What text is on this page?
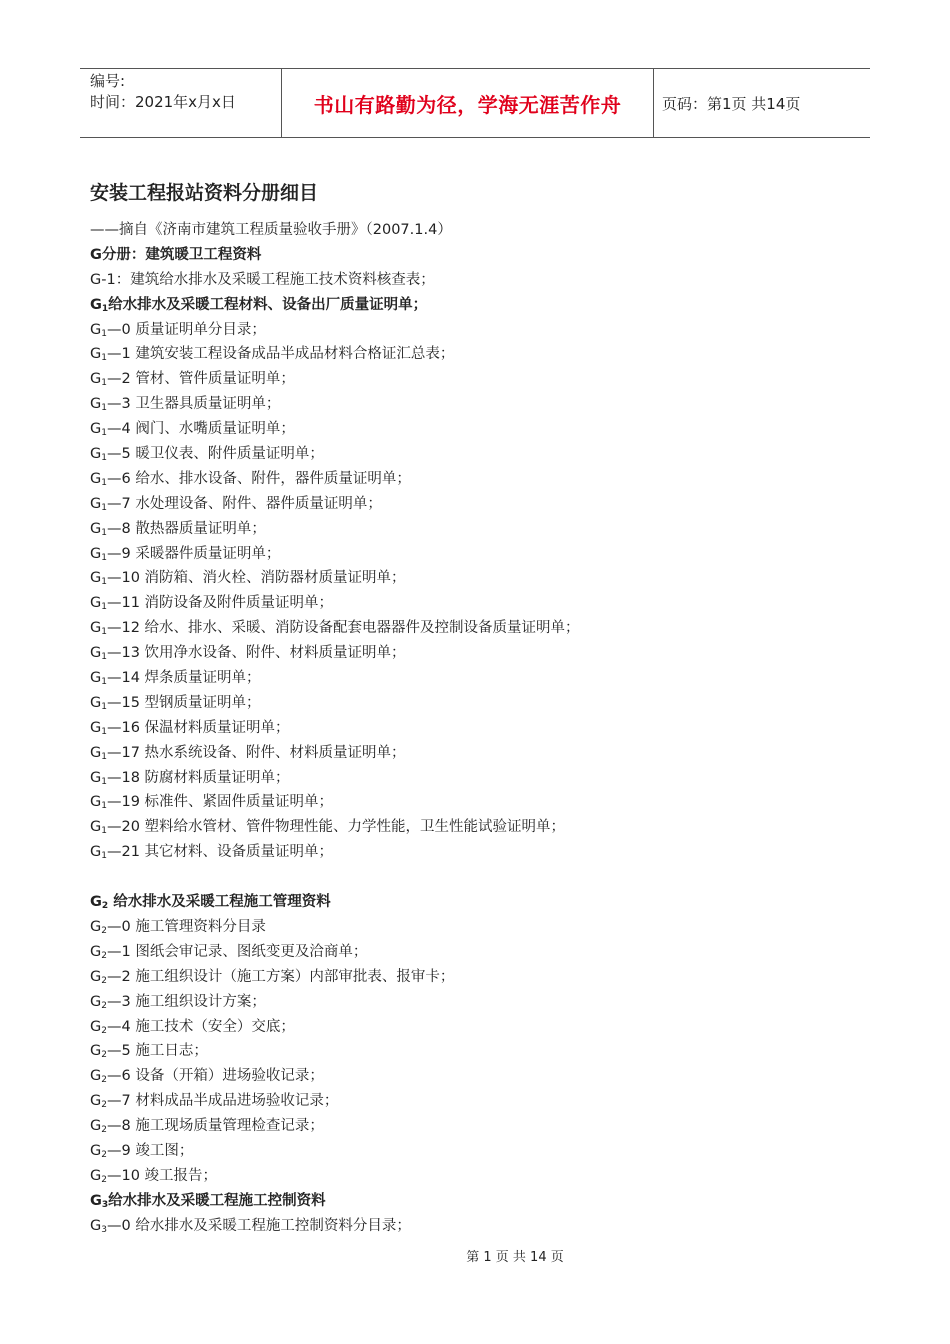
编号:
时间：2021年x月x日	书山有路勤为径，学海无涯苦作舟	页码：第1页 共14页
安装工程报站资料分册细目
——摘自《济南市建筑工程质量验收手册》（2007.1.4）
G分册：建筑暖卫工程资料
G-1：建筑给水排水及采暖工程施工技术资料核查表；
$G_1$给水排水及采暖工程材料、设备出厂质量证明单；
$G_1—0$ 质量证明单分目录；
$G_1—1$ 建筑安装工程设备成品半成品材料合格证汇总表；
$G_1—2$ 管材、管件质量证明单；
$G_1—3$ 卫生器具质量证明单；
$G_1—4$ 阀门、水嘴质量证明单；
$G_1—5$ 暖卫仪表、附件质量证明单；
$G_1—6$ 给水、排水设备、附件，器件质量证明单；
$G_1—7$ 水处理设备、附件、器件质量证明单；
$G_1—8$ 散热器质量证明单；
$G_1—9$ 采暖器件质量证明单；
$G_1—10$ 消防箱、消火栓、消防器材质量证明单；
$G_1—11$ 消防设备及附件质量证明单；
$G_1—12$ 给水、排水、采暖、消防设备配套电器器件及控制设备质量证明单；
$G_1—13$ 饮用净水设备、附件、材料质量证明单；
$G_1—14$ 焊条质量证明单；
$G_1—15$ 型钢质量证明单；
$G_1—16$ 保温材料质量证明单；
$G_1—17$ 热水系统设备、附件、材料质量证明单；
$G_1—18$ 防腐材料质量证明单；
$G_1—19$ 标准件、紧固件质量证明单；
$G_1—20$ 塑料给水管材、管件物理性能、力学性能，卫生性能试验证明单；
$G_1—21$ 其它材料、设备质量证明单；
$G_2$ 给水排水及采暖工程施工管理资料
$G_2—0$ 施工管理资料分目录
$G_2—1$ 图纸会审记录、图纸变更及洽商单；
$G_2—2$ 施工组织设计（施工方案）内部审批表、报审卡；
$G_2—3$ 施工组织设计方案；
$G_2—4$ 施工技术（安全）交底；
$G_2—5$ 施工日志；
$G_2—6$ 设备（开箱）进场验收记录；
$G_2—7$ 材料成品半成品进场验收记录；
$G_2—8$ 施工现场质量管理检查记录；
$G_2—9$ 竣工图；
$G_2—10$ 竣工报告；
$G_3$给水排水及采暖工程施工控制资料
$G_3—0$ 给水排水及采暖工程施工控制资料分目录；
第 1 页 共 14 页
